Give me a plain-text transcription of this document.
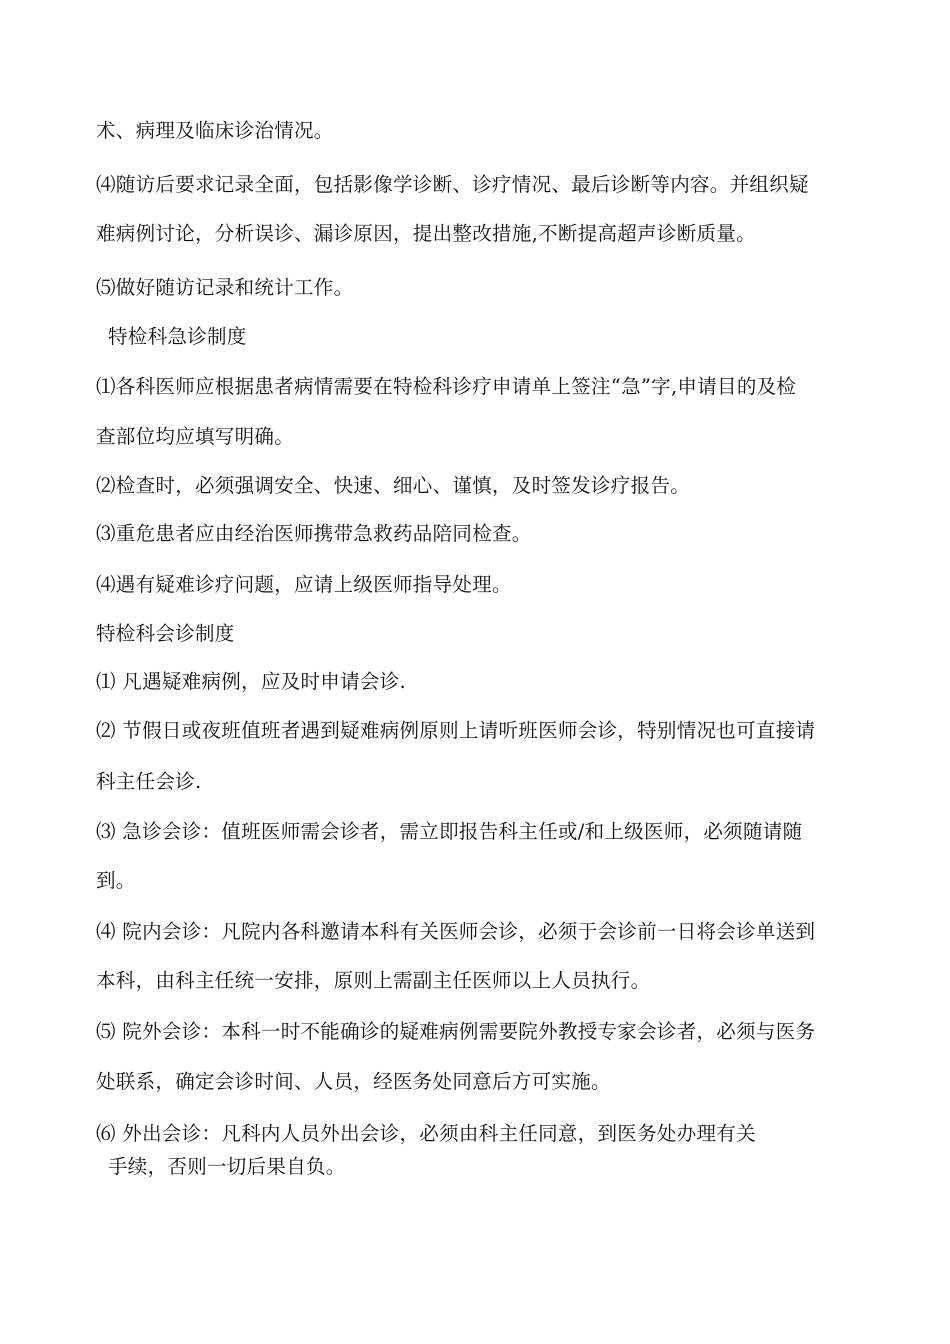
术、病理及临床诊治情况。
⑷随访后要求记录全面，包括影像学诊断、诊疗情况、最后诊断等内容。并组织疑
难病例讨论，分析误诊、漏诊原因，提出整改措施,不断提高超声诊断质量。
⑸做好随访记录和统计工作。
特检科急诊制度
⑴各科医师应根据患者病情需要在特检科诊疗申请单上签注“急”字,申请目的及检
查部位均应填写明确。
⑵检查时，必须强调安全、快速、细心、谨慎，及时签发诊疗报告。
⑶重危患者应由经治医师携带急救药品陪同检查。
⑷遇有疑难诊疗问题，应请上级医师指导处理。
特检科会诊制度
⑴ 凡遇疑难病例，应及时申请会诊.
⑵ 节假日或夜班值班者遇到疑难病例原则上请听班医师会诊，特别情况也可直接请
科主任会诊.
⑶ 急诊会诊：值班医师需会诊者，需立即报告科主任或/和上级医师，必须随请随
到。
⑷ 院内会诊：凡院内各科邀请本科有关医师会诊，必须于会诊前一日将会诊单送到
本科，由科主任统一安排，原则上需副主任医师以上人员执行。
⑸ 院外会诊：本科一时不能确诊的疑难病例需要院外教授专家会诊者，必须与医务
处联系，确定会诊时间、人员，经医务处同意后方可实施。
⑹ 外出会诊：凡科内人员外出会诊，必须由科主任同意，到医务处办理有关
手续，否则一切后果自负。
